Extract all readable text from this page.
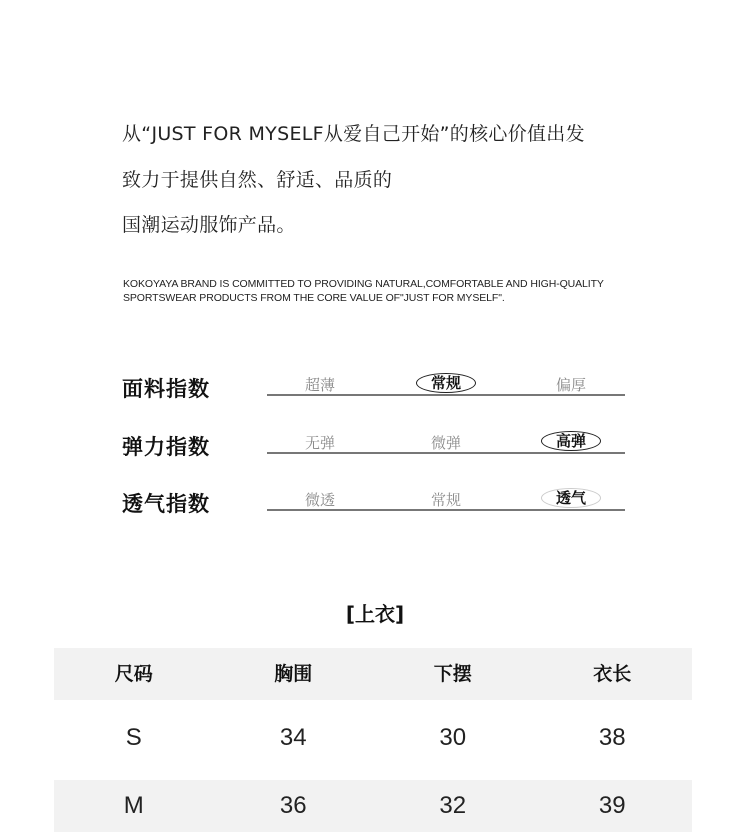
从“JUST FOR MYSELF从爱自己开始”的核心价值出发
致力于提供自然、舒适、品质的
国潮运动服饰产品。
KOKOYAYA BRAND IS COMMITTED TO PROVIDING NATURAL,COMFORTABLE AND HIGH-QUALITY
SPORTSWEAR PRODUCTS FROM THE CORE VALUE OF"JUST FOR MYSELF".
面料指数	超薄	常规	偏厚
弹力指数	无弹	微弹	高弹
透气指数	微透	常规	透气
[上衣]
尺码	胸围	下摆	衣长
S	34	30	38
M	36	32	39
